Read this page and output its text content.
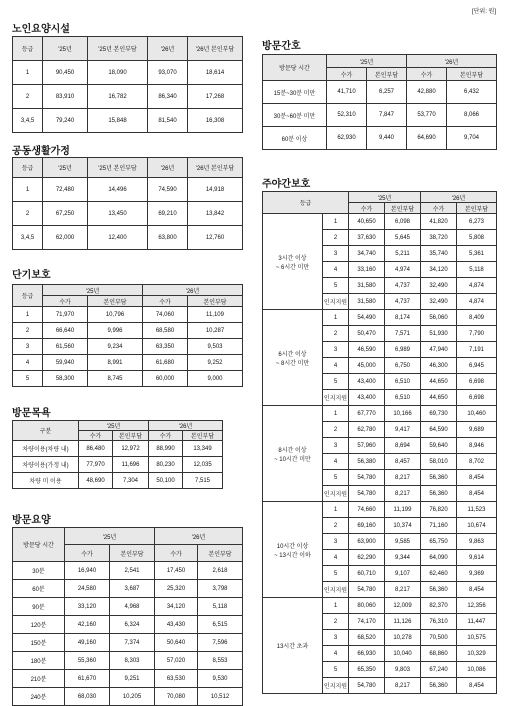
[단위: 원]
노인요양시설
등급	'25년	'25년 본인부담	'26년	'26년 본인부담
1	90,450	18,090	93,070	18,614
2	83,910	16,782	86,340	17,268
3,4,5	79,240	15,848	81,540	16,308
공동생활가정
등급	'25년	'25년 본인부담	'26년	'26년 본인부담
1	72,480	14,496	74,590	14,918
2	67,250	13,450	69,210	13,842
3,4,5	62,000	12,400	63,800	12,760
단기보호
등급	'25년		'26년	
	수가	본인부담	수가	본인부담
1	71,970	10,796	74,060	11,109
2	66,640	9,996	68,580	10,287
3	61,560	9,234	63,350	9,503
4	59,940	8,991	61,680	9,252
5	58,300	8,745	60,000	9,000
방문목욕
구분	'25년		'26년	
	수가	본인부담	수가	본인부담
차량이용(차량 내)	86,480	12,972	88,990	13,349
차량이용(가정 내)	77,970	11,696	80,230	12,035
차량 미 이용	48,690	7,304	50,100	7,515
방문요양
방문당 시간	'25년		'26년	
	수가	본인부담	수가	본인부담
30분	16,940	2,541	17,450	2,618
60분	24,580	3,687	25,320	3,798
90분	33,120	4,968	34,120	5,118
120분	42,160	6,324	43,430	6,515
150분	49,160	7,374	50,640	7,596
180분	55,360	8,303	57,020	8,553
210분	61,670	9,251	63,530	9,530
240분	68,030	10,205	70,080	10,512
방문간호
방문당 시간	'25년		'26년	
	수가	본인부담	수가	본인부담
15분~30분 미만	41,710	6,257	42,880	6,432
30분~60분 미만	52,310	7,847	53,770	8,066
60분 이상	62,930	9,440	64,690	9,704
주야간보호
등급		'25년		'26년	
		수가	본인부담	수가	본인부담

3시간 이상
~ 6시간 미만	1	40,650	6,098	41,820	6,273
	2	37,630	5,645	38,720	5,808
	3	34,740	5,211	35,740	5,361
	4	33,160	4,974	34,120	5,118
	5	31,580	4,737	32,490	4,874
	인지지원	31,580	4,737	32,490	4,874

6시간 이상
~ 8시간 미만	1	54,490	8,174	56,060	8,409
	2	50,470	7,571	51,930	7,790
	3	46,590	6,989	47,940	7,191
	4	45,000	6,750	46,300	6,945
	5	43,400	6,510	44,650	6,698
	인지지원	43,400	6,510	44,650	6,698

8시간 이상
~ 10시간 미만	1	67,770	10,166	69,730	10,460
	2	62,780	9,417	64,590	9,689
	3	57,960	8,694	59,640	8,946
	4	56,380	8,457	58,010	8,702
	5	54,780	8,217	56,360	8,454
	인지지원	54,780	8,217	56,360	8,454

10시간 이상
~ 13시간 이하	1	74,660	11,199	76,820	11,523
	2	69,160	10,374	71,160	10,674
	3	63,900	9,585	65,750	9,863
	4	62,290	9,344	64,090	9,614
	5	60,710	9,107	62,460	9,369
	인지지원	54,780	8,217	56,360	8,454

13시간 초과	1	80,060	12,009	82,370	12,356
	2	74,170	11,126	76,310	11,447
	3	68,520	10,278	70,500	10,575
	4	66,930	10,040	68,860	10,329
	5	65,350	9,803	67,240	10,086
	인지지원	54,780	8,217	56,360	8,454
